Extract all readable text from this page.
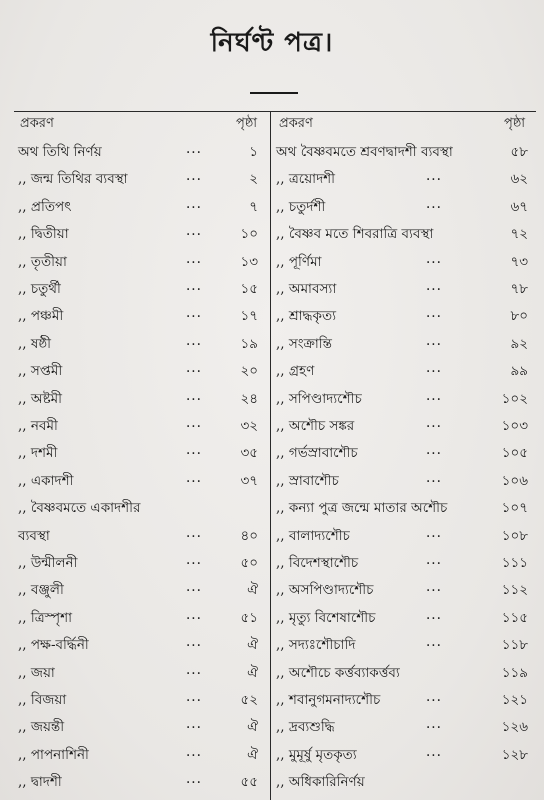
নির্ঘণ্ট পত্র।
প্রকরণ	পৃষ্ঠা প্রকরণ	পৃষ্ঠা
অথ তিথি নির্ণয়	...	১
,, জন্ম তিথির ব্যবস্থা	...	২
,, প্রতিপৎ	...	৭
,, দ্বিতীয়া	...	১০
,, তৃতীয়া	...	১৩
,, চতুর্থী	...	১৫
,, পঞ্চমী	...	১৭
,, ষষ্ঠী	...	১৯
,, সপ্তমী	...	২০
,, অষ্টমী	...	২৪
,, নবমী	...	৩২
,, দশমী	...	৩৫
,, একাদশী	...	৩৭
,, বৈষ্ণবমতে একাদশীর
ব্যবস্থা	...	৪০
,, উন্মীলনী	...	৫০
,, বঞ্জুলী	...	ঐ
,, ত্রিস্পৃশা	...	৫১
,, পক্ষ-বর্দ্ধিনী	...	ঐ
,, জয়া	...	ঐ
,, বিজয়া	...	৫২
,, জয়ন্তী	...	ঐ
,, পাপনাশিনী	...	ঐ
,, দ্বাদশী	...	৫৫
অথ বৈষ্ণবমতে শ্রবণদ্বাদশী ব্যবস্থা	৫৮
,, ত্রয়োদশী	...	৬২
,, চতুর্দশী	...	৬৭
,, বৈষ্ণব মতে শিবরাত্রি ব্যবস্থা	৭২
,, পূর্ণিমা	...	৭৩
,, অমাবস্যা	...	৭৮
,, শ্রাদ্ধকৃত্য	...	৮০
,, সংক্রান্তি	...	৯২
,, গ্রহণ	...	৯৯
,, সপিণ্ডাদ্যশৌচ	...	১০২
,, অশৌচ সঙ্কর	...	১০৩
,, গর্ভস্রাবাশৌচ	...	১০৫
,, স্রাবাশৌচ	...	১০৬
,, কন্যা পুত্র জন্মে মাতার অশৌচ	১০৭
,, বালাদ্যশৌচ	...	১০৮
,, বিদেশস্থাশৌচ	...	১১১
,, অসপিণ্ডাদ্যশৌচ	...	১১২
,, মৃত্যু বিশেষাশৌচ	...	১১৫
,, সদ্যঃশৌচাদি	...	১১৮
,, অশৌচে কর্ত্তব্যাকর্ত্তব্য	১১৯
,, শবানুগমনাদ্যশৌচ	...	১২১
,, দ্রব্যশুদ্ধি	...	১২৬
,, মুমূর্ষু মৃতকৃত্য	...	১২৮
,, অধিকারিনির্ণয়
